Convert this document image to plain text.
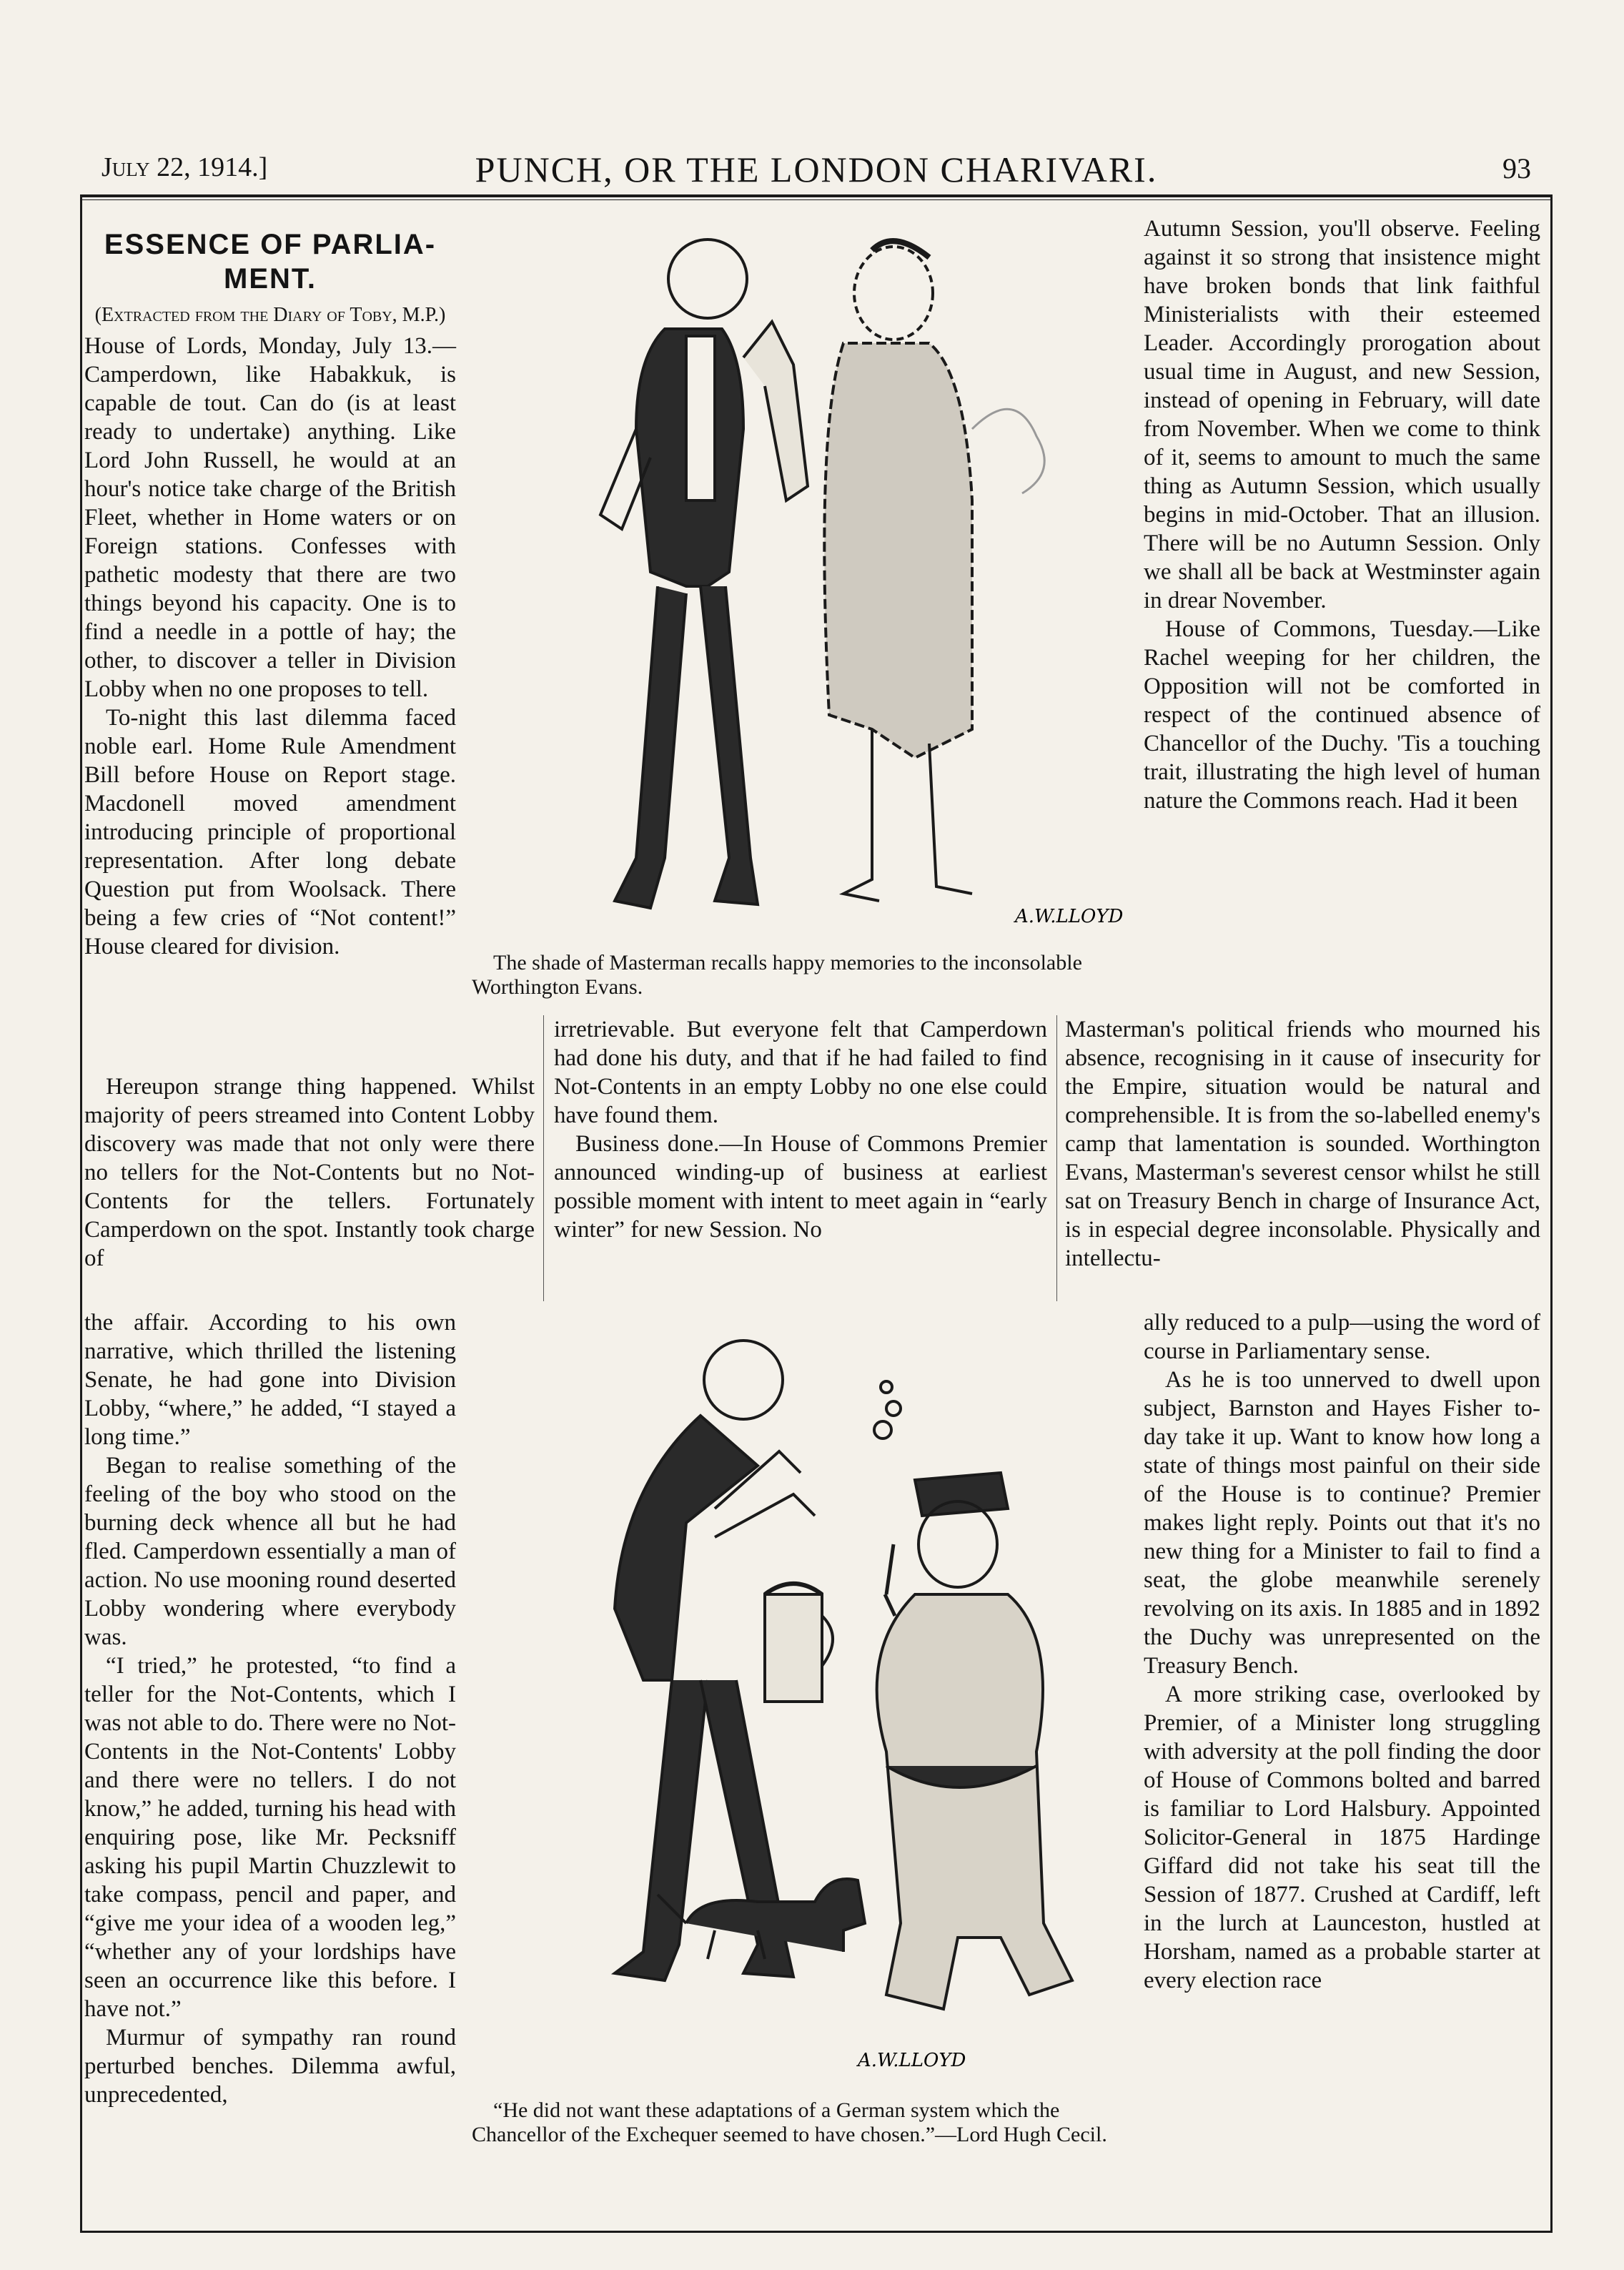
July 22, 1914.]	PUNCH, OR THE LONDON CHARIVARI.	93
ESSENCE OF PARLIA-MENT.
(Extracted from the Diary of Toby, M.P.)

House of Lords, Monday, July 13.—Camperdown, like Habakkuk, is capable de tout. Can do (is at least ready to undertake) anything. Like Lord John Russell, he would at an hour's notice take charge of the British Fleet, whether in Home waters or on Foreign stations. Confesses with pathetic modesty that there are two things beyond his capacity. One is to find a needle in a pottle of hay; the other, to discover a teller in Division Lobby when no one proposes to tell.

To-night this last dilemma faced noble earl. Home Rule Amendment Bill before House on Report stage. Macdonell moved amendment introducing principle of proportional representation. After long debate Question put from Woolsack. There being a few cries of “Not content!” House cleared for division.

Hereupon strange thing happened. Whilst majority of peers streamed into Content Lobby discovery was made that not only were there no tellers for the Not-Contents but no Not-Contents for the tellers. Fortunately Camperdown on the spot. Instantly took charge of

the affair. According to his own narrative, which thrilled the listening Senate, he had gone into Division Lobby, “where,” he added, “I stayed a long time.”

Began to realise something of the feeling of the boy who stood on the burning deck whence all but he had fled. Camperdown essentially a man of action. No use mooning round deserted Lobby wondering where everybody was.

“I tried,” he protested, “to find a teller for the Not-Contents, which I was not able to do. There were no Not-Contents in the Not-Contents' Lobby and there were no tellers. I do not know,” he added, turning his head with enquiring pose, like Mr. Pecksniff asking his pupil Martin Chuzzlewit to take compass, pencil and paper, and “give me your idea of a wooden leg,” “whether any of your lordships have seen an occurrence like this before. I have not.”

Murmur of sympathy ran round perturbed benches. Dilemma awful, unprecedented,

irretrievable. But everyone felt that Camperdown had done his duty, and that if he had failed to find Not-Contents in an empty Lobby no one else could have found them.

Business done.—In House of Commons Premier announced winding-up of business at earliest possible moment with intent to meet again in “early winter” for new Session. No

Autumn Session, you'll observe. Feeling against it so strong that insistence might have broken bonds that link faithful Ministerialists with their esteemed Leader. Accordingly prorogation about usual time in August, and new Session, instead of opening in February, will date from November. When we come to think of it, seems to amount to much the same thing as Autumn Session, which usually begins in mid-October. That an illusion. There will be no Autumn Session. Only we shall all be back at Westminster again in drear November.

House of Commons, Tuesday.—Like Rachel weeping for her children, the Opposition will not be comforted in respect of the continued absence of Chancellor of the Duchy. 'Tis a touching trait, illustrating the high level of human nature the Commons reach. Had it been

Masterman's political friends who mourned his absence, recognising in it cause of insecurity for the Empire, situation would be natural and comprehensible. It is from the so-labelled enemy's camp that lamentation is sounded. Worthington Evans, Masterman's severest censor whilst he still sat on Treasury Bench in charge of Insurance Act, is in especial degree inconsolable. Physically and intellectu-

ally reduced to a pulp—using the word of course in Parliamentary sense.

As he is too unnerved to dwell upon subject, Barnston and Hayes Fisher to-day take it up. Want to know how long a state of things most painful on their side of the House is to continue? Premier makes light reply. Points out that it's no new thing for a Minister to fail to find a seat, the globe meanwhile serenely revolving on its axis. In 1885 and in 1892 the Duchy was unrepresented on the Treasury Bench.

A more striking case, overlooked by Premier, of a Minister long struggling with adversity at the poll finding the door of House of Commons bolted and barred is familiar to Lord Halsbury. Appointed Solicitor-General in 1875 Hardinge Giffard did not take his seat till the Session of 1877. Crushed at Cardiff, left in the lurch at Launceston, hustled at Horsham, named as a probable starter at every election race

A.W.LLOYD
The shade of Masterman recalls happy memories to the inconsolable Worthington Evans.
A.W.LLOYD
“He did not want these adaptations of a German system which the Chancellor of the Exchequer seemed to have chosen.”—Lord Hugh Cecil.
